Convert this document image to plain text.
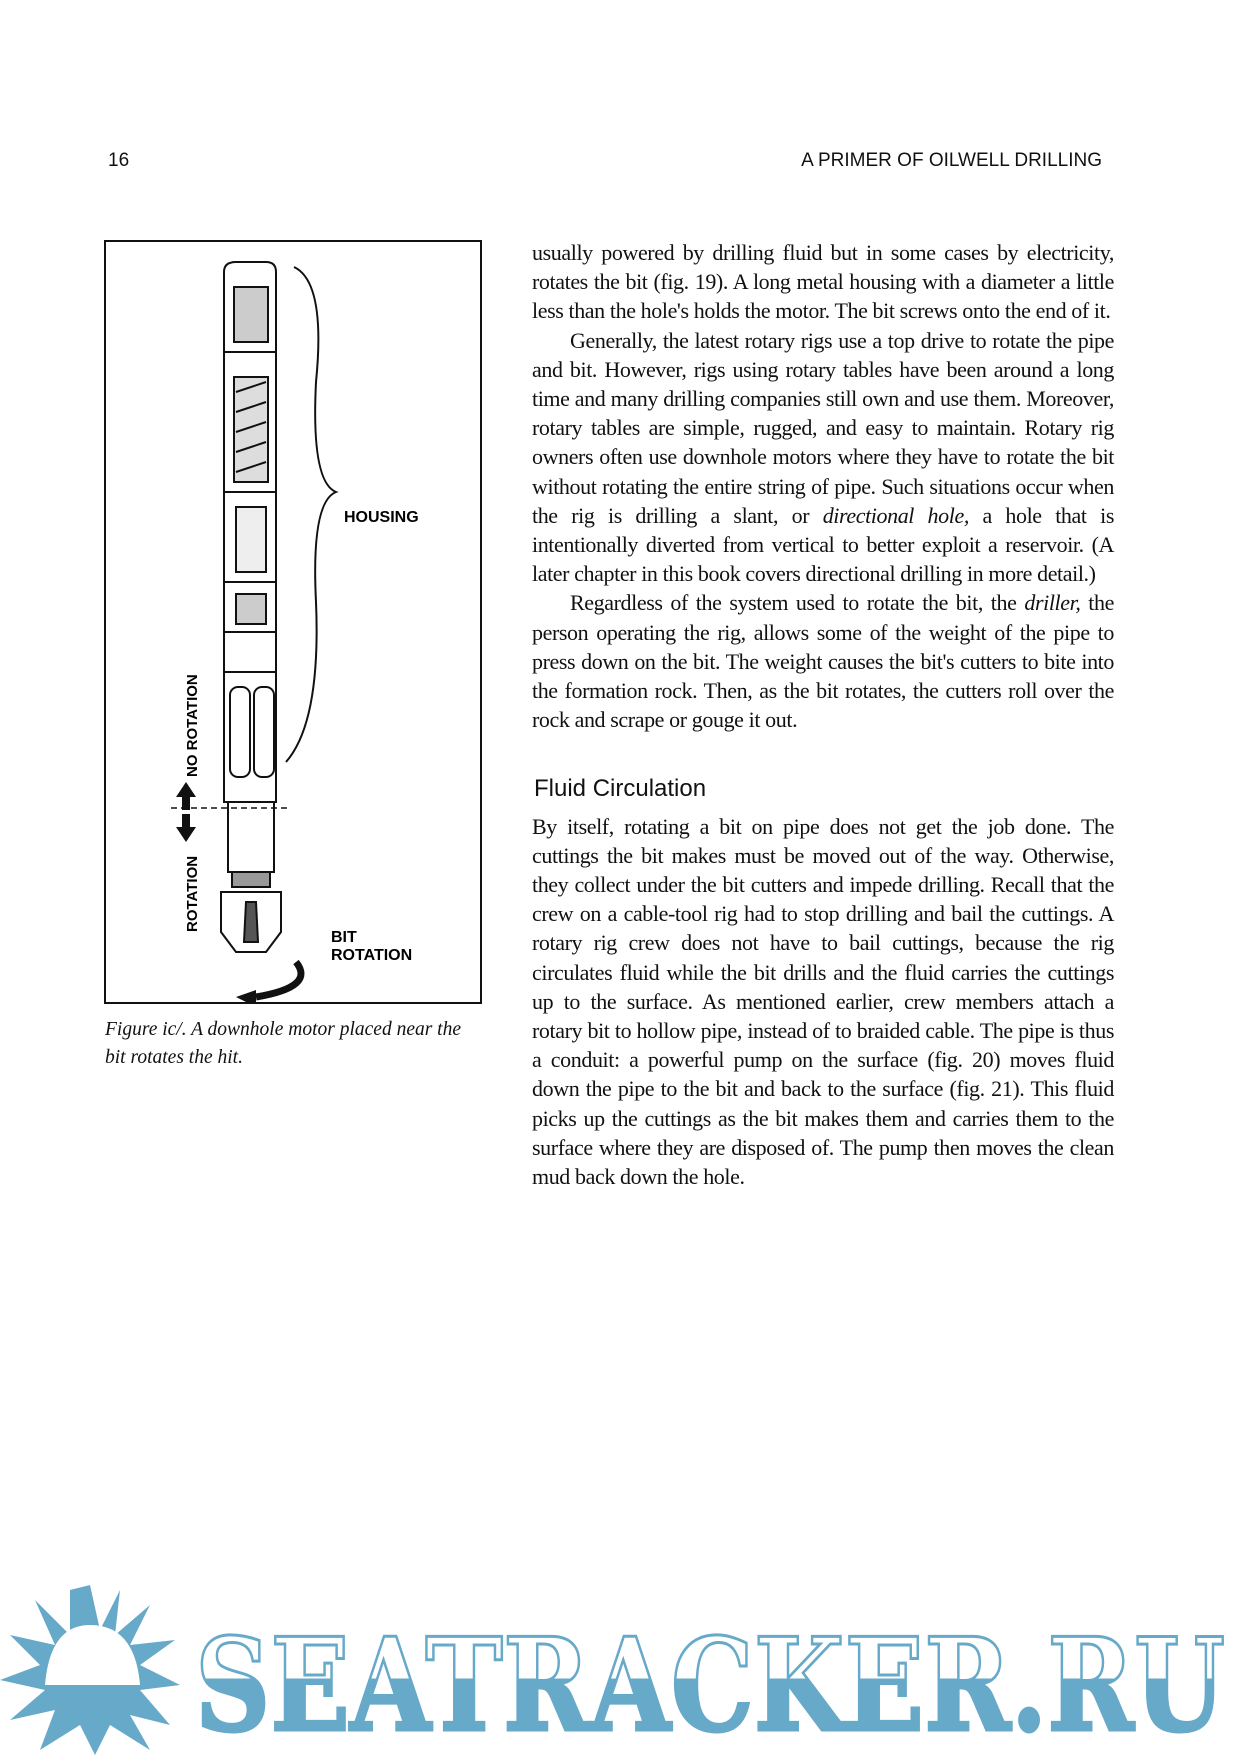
16	A PRIMER OF OILWELL DRILLING
HOUSING
NO ROTATION
ROTATION
BIT
ROTATION
Figure ic/. A downhole motor placed near the bit rotates the hit.

usually powered by drilling fluid but in some cases by electricity, rotates the bit (fig. 19). A long metal housing with a diameter a little less than the hole's holds the motor. The bit screws onto the end of it.

Generally, the latest rotary rigs use a top drive to rotate the pipe and bit. However, rigs using rotary tables have been around a long time and many drilling companies still own and use them. Moreover, rotary tables are simple, rugged, and easy to maintain. Rotary rig owners often use downhole motors where they have to rotate the bit without rotating the entire string of pipe. Such situations occur when the rig is drilling a slant, or directional hole, a hole that is intentionally diverted from vertical to better exploit a reservoir. (A later chapter in this book covers directional drilling in more detail.)

Regardless of the system used to rotate the bit, the driller, the person operating the rig, allows some of the weight of the pipe to press down on the bit. The weight causes the bit's cutters to bite into the formation rock. Then, as the bit rotates, the cutters roll over the rock and scrape or gouge it out.

Fluid Circulation

By itself, rotating a bit on pipe does not get the job done. The cuttings the bit makes must be moved out of the way. Otherwise, they collect under the bit cutters and impede drilling. Recall that the crew on a cable-tool rig had to stop drilling and bail the cuttings. A rotary rig crew does not have to bail cuttings, because the rig circulates fluid while the bit drills and the fluid carries the cuttings up to the surface. As mentioned earlier, crew members attach a rotary bit to hollow pipe, instead of to braided cable. The pipe is thus a conduit: a powerful pump on the surface (fig. 20) moves fluid down the pipe to the bit and back to the surface (fig. 21). This fluid picks up the cuttings as the bit makes them and carries them to the surface where they are disposed of. The pump then moves the clean mud back down the hole.

SEATRACKER.RU
